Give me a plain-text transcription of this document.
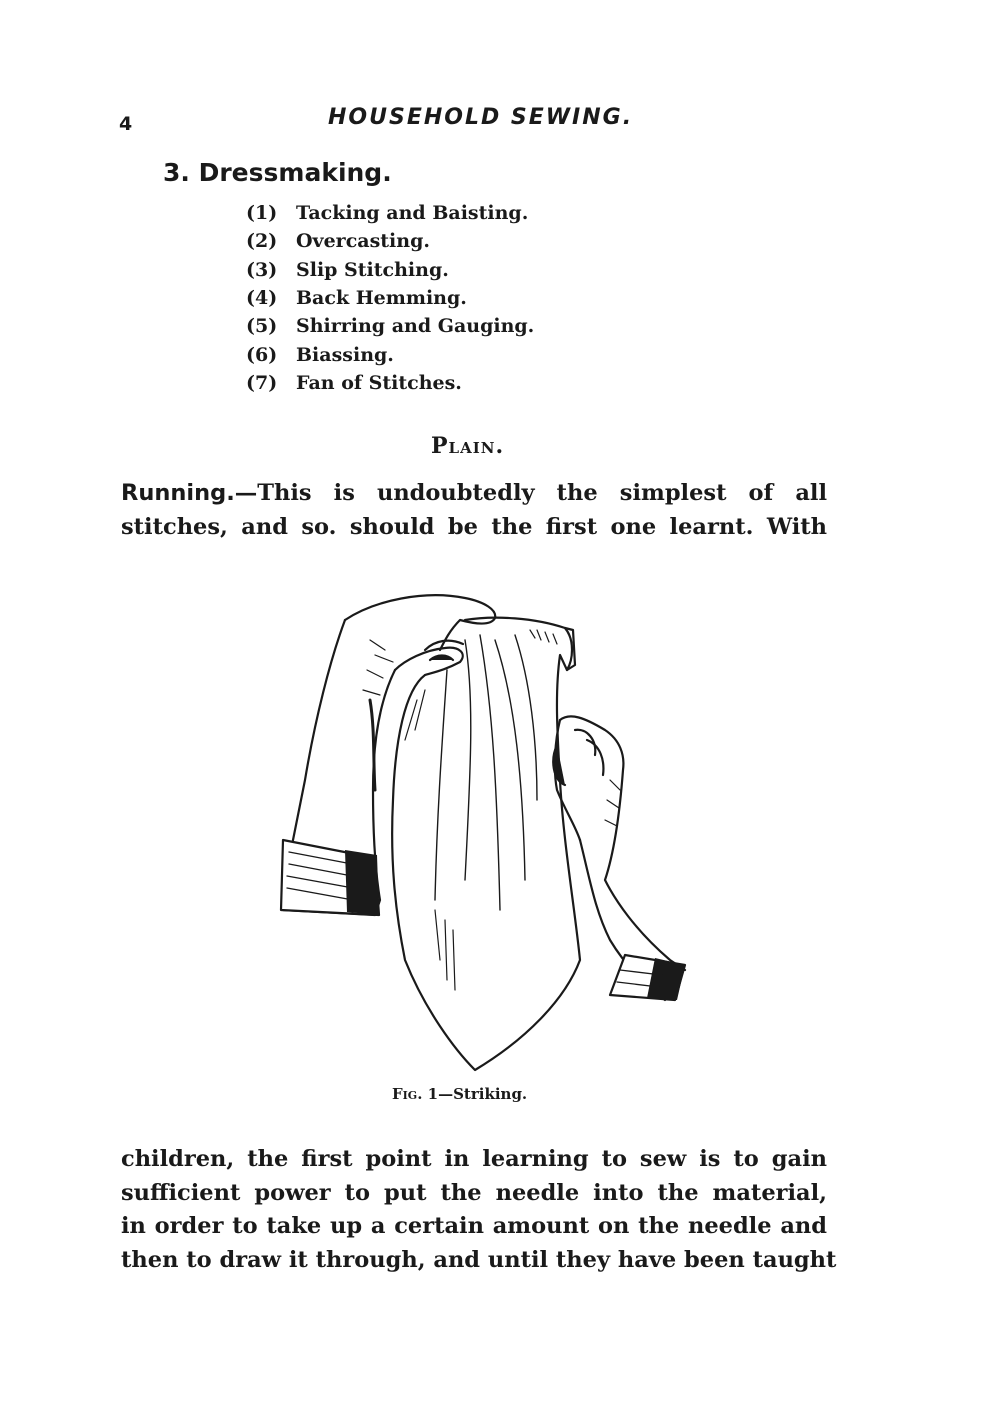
4	HOUSEHOLD SEWING.
3. Dressmaking.
(1) Tacking and Baisting.
(2) Overcasting.
(3) Slip Stitching.
(4) Back Hemming.
(5) Shirring and Gauging.
(6) Biassing.
(7) Fan of Stitches.
Plain.
Running.—This is undoubtedly the simplest of all
stitches, and so. should be the first one learnt. With
Fig. 1—Striking.
children, the first point in learning to sew is to gain
sufficient power to put the needle into the material,
in order to take up a certain amount on the needle and
then to draw it through, and until they have been taught
